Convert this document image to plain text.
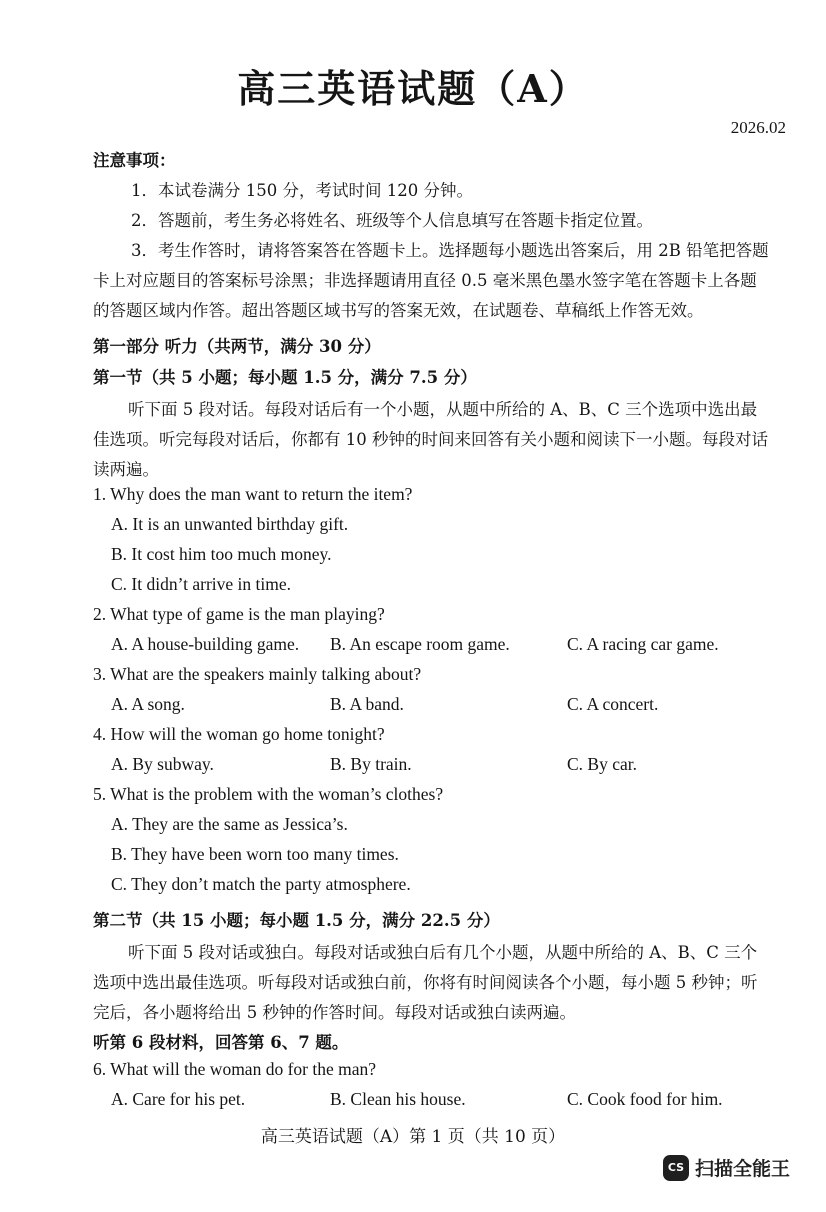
高三英语试题（A）
2026.02
注意事项：
1．本试卷满分 150 分，考试时间 120 分钟。
2．答题前，考生务必将姓名、班级等个人信息填写在答题卡指定位置。
3．考生作答时，请将答案答在答题卡上。选择题每小题选出答案后，用 2B 铅笔把答题
卡上对应题目的答案标号涂黑；非选择题请用直径 0.5 毫米黑色墨水签字笔在答题卡上各题
的答题区域内作答。超出答题区域书写的答案无效，在试题卷、草稿纸上作答无效。
第一部分 听力（共两节，满分 30 分）
第一节（共 5 小题；每小题 1.5 分，满分 7.5 分）
听下面 5 段对话。每段对话后有一个小题，从题中所给的 A、B、C 三个选项中选出最
佳选项。听完每段对话后，你都有 10 秒钟的时间来回答有关小题和阅读下一小题。每段对话
读两遍。
1. Why does the man want to return the item?
A. It is an unwanted birthday gift.
B. It cost him too much money.
C. It didn’t arrive in time.
2. What type of game is the man playing?
A. A house-building game. B. An escape room game.	C. A racing car game.
3. What are the speakers mainly talking about?
A. A song.	B. A band.	C. A concert.
4. How will the woman go home tonight?
A. By subway.	B. By train.	C. By car.
5. What is the problem with the woman’s clothes?
A. They are the same as Jessica’s.
B. They have been worn too many times.
C. They don’t match the party atmosphere.
第二节（共 15 小题；每小题 1.5 分，满分 22.5 分）
听下面 5 段对话或独白。每段对话或独白后有几个小题，从题中所给的 A、B、C 三个
选项中选出最佳选项。听每段对话或独白前，你将有时间阅读各个小题，每小题 5 秒钟；听
完后，各小题将给出 5 秒钟的作答时间。每段对话或独白读两遍。
听第 6 段材料，回答第 6、7 题。
6. What will the woman do for the man?
A. Care for his pet.	B. Clean his house.	C. Cook food for him.
高三英语试题（A）第 1 页（共 10 页）
CS 扫描全能王
